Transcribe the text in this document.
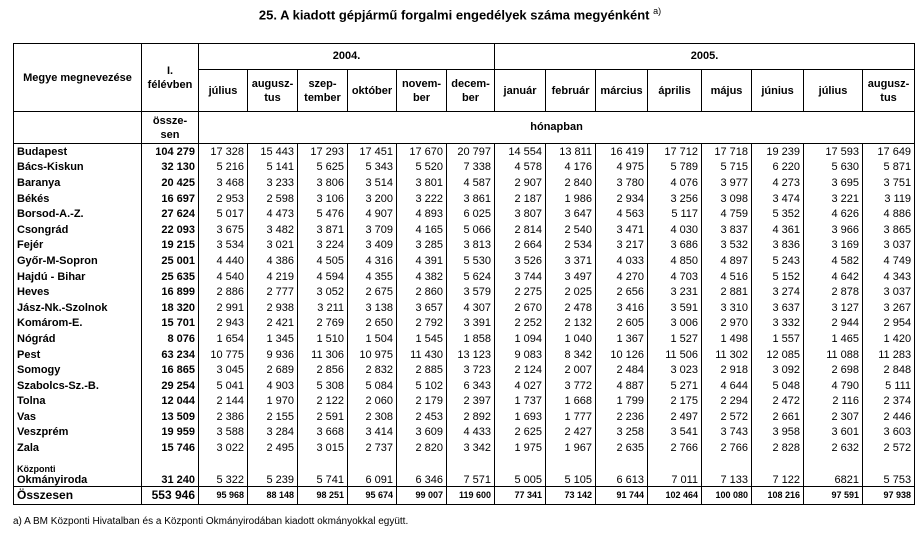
25. A kiadott gépjármű forgalmi engedélyek száma megyénként $^{a)}$
Megye megnevezése	I. félévben	2004.						2005.							
		július	augusz-tus	szep-tember	október	novem-ber	decem-ber	január	február	március	április	május	június	július	augusz-tus
	össze-sen	hónapban													
Budapest	104 279	17 328	15 443	17 293	17 451	17 670	20 797	14 554	13 811	16 419	17 712	17 718	19 239	17 593	17 649
Bács-Kiskun	32 130	5 216	5 141	5 625	5 343	5 520	7 338	4 578	4 176	4 975	5 789	5 715	6 220	5 630	5 871
Baranya	20 425	3 468	3 233	3 806	3 514	3 801	4 587	2 907	2 840	3 780	4 076	3 977	4 273	3 695	3 751
Békés	16 697	2 953	2 598	3 106	3 200	3 222	3 861	2 187	1 986	2 934	3 256	3 098	3 474	3 221	3 119
Borsod-A.-Z.	27 624	5 017	4 473	5 476	4 907	4 893	6 025	3 807	3 647	4 563	5 117	4 759	5 352	4 626	4 886
Csongrád	22 093	3 675	3 482	3 871	3 709	4 165	5 066	2 814	2 540	3 471	4 030	3 837	4 361	3 966	3 865
Fejér	19 215	3 534	3 021	3 224	3 409	3 285	3 813	2 664	2 534	3 217	3 686	3 532	3 836	3 169	3 037
Győr-M-Sopron	25 001	4 440	4 386	4 505	4 316	4 391	5 530	3 526	3 371	4 033	4 850	4 897	5 243	4 582	4 749
Hajdú - Bihar	25 635	4 540	4 219	4 594	4 355	4 382	5 624	3 744	3 497	4 270	4 703	4 516	5 152	4 642	4 343
Heves	16 899	2 886	2 777	3 052	2 675	2 860	3 579	2 275	2 025	2 656	3 231	2 881	3 274	2 878	3 037
Jász-Nk.-Szolnok	18 320	2 991	2 938	3 211	3 138	3 657	4 307	2 670	2 478	3 416	3 591	3 310	3 637	3 127	3 267
Komárom-E.	15 701	2 943	2 421	2 769	2 650	2 792	3 391	2 252	2 132	2 605	3 006	2 970	3 332	2 944	2 954
Nógrád	8 076	1 654	1 345	1 510	1 504	1 545	1 858	1 094	1 040	1 367	1 527	1 498	1 557	1 465	1 420
Pest	63 234	10 775	9 936	11 306	10 975	11 430	13 123	9 083	8 342	10 126	11 506	11 302	12 085	11 088	11 283
Somogy	16 865	3 045	2 689	2 856	2 832	2 885	3 723	2 124	2 007	2 484	3 023	2 918	3 092	2 698	2 848
Szabolcs-Sz.-B.	29 254	5 041	4 903	5 308	5 084	5 102	6 343	4 027	3 772	4 887	5 271	4 644	5 048	4 790	5 111
Tolna	12 044	2 144	1 970	2 122	2 060	2 179	2 397	1 737	1 668	1 799	2 175	2 294	2 472	2 116	2 374
Vas	13 509	2 386	2 155	2 591	2 308	2 453	2 892	1 693	1 777	2 236	2 497	2 572	2 661	2 307	2 446
Veszprém	19 959	3 588	3 284	3 668	3 414	3 609	4 433	2 625	2 427	3 258	3 541	3 743	3 958	3 601	3 603
Zala	15 746	3 022	2 495	3 015	2 737	2 820	3 342	1 975	1 967	2 635	2 766	2 766	2 828	2 632	2 572
Központi
Okmányiroda	31 240	5 322	5 239	5 741	6 091	6 346	7 571	5 005	5 105	6 613	7 011	7 133	7 122	6821	5 753
Összesen	553 946	95 968	88 148	98 251	95 674	99 007	119 600	77 341	73 142	91 744	102 464	100 080	108 216	97 591	97 938
a) A BM Központi Hivatalban és a Központi Okmányirodában kiadott okmányokkal együtt.
